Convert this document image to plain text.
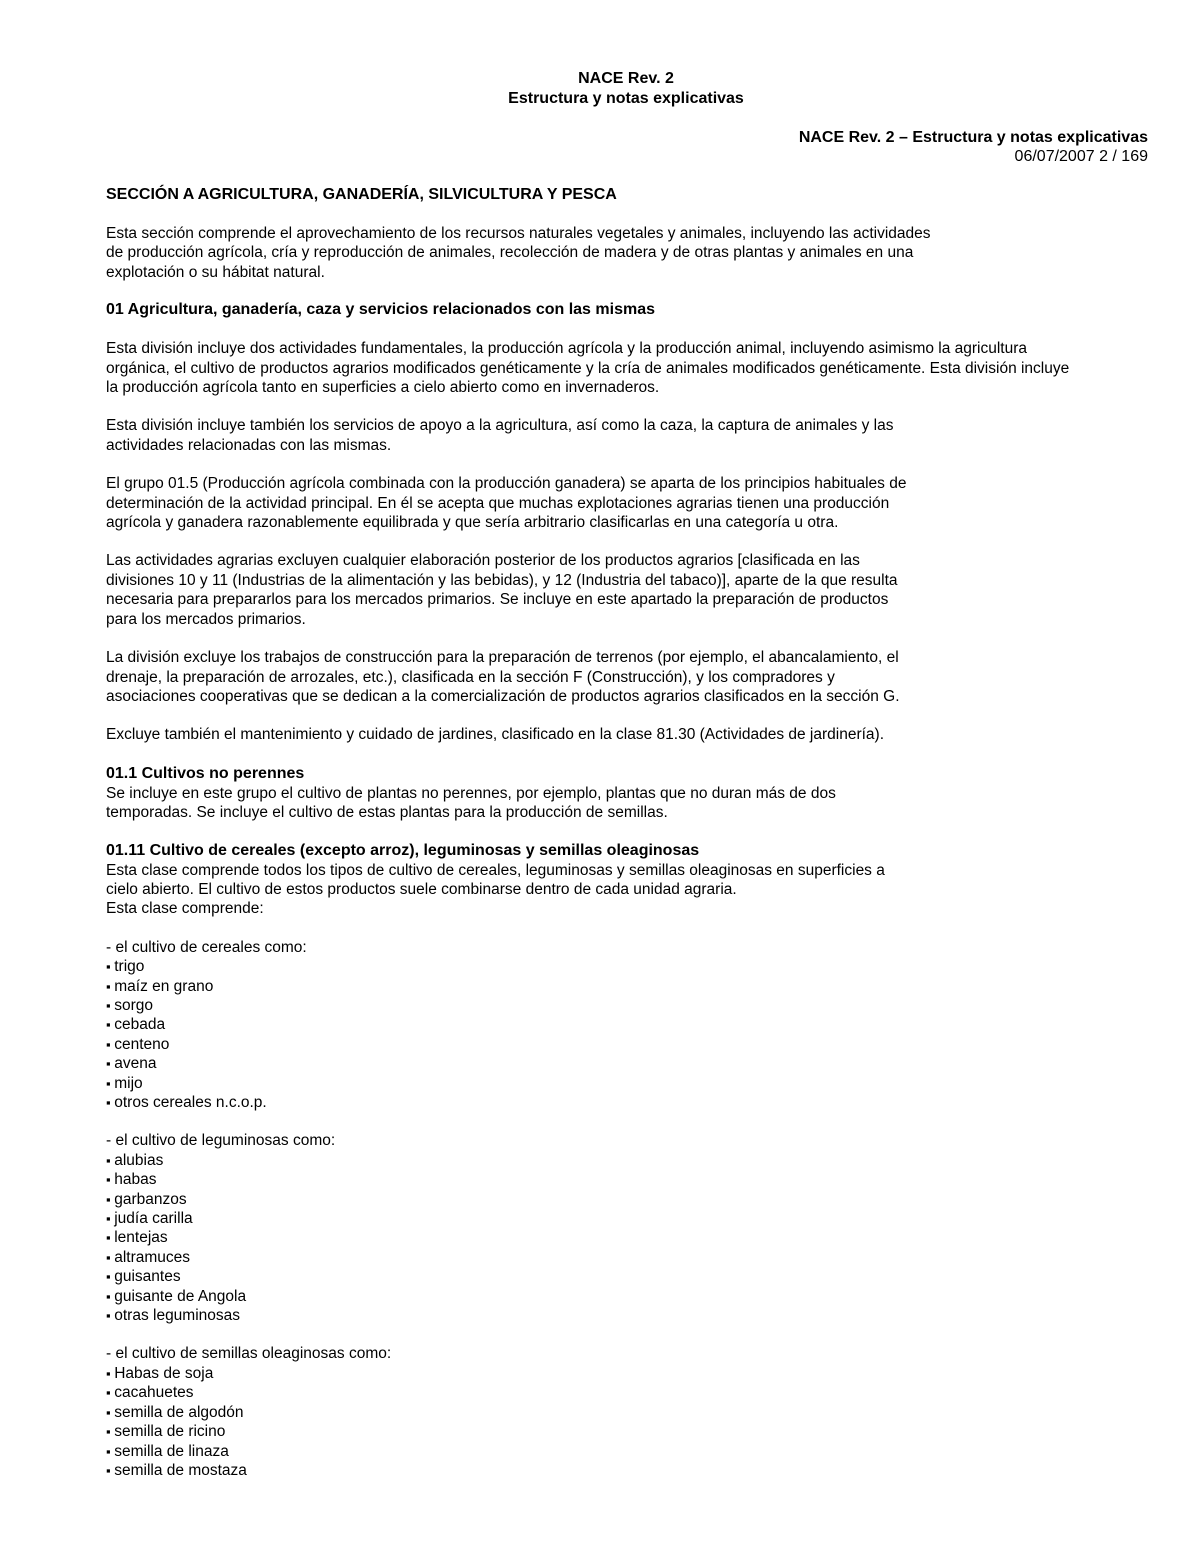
NACE Rev. 2
Estructura y notas explicativas
NACE Rev. 2 – Estructura y notas explicativas
06/07/2007 2 / 169
SECCIÓN A AGRICULTURA, GANADERÍA, SILVICULTURA Y PESCA
Esta sección comprende el aprovechamiento de los recursos naturales vegetales y animales, incluyendo las actividades
de producción agrícola, cría y reproducción de animales, recolección de madera y de otras plantas y animales en una
explotación o su hábitat natural.
01 Agricultura, ganadería, caza y servicios relacionados con las mismas
Esta división incluye dos actividades fundamentales, la producción agrícola y la producción animal, incluyendo asimismo la agricultura
orgánica, el cultivo de productos agrarios modificados genéticamente y la cría de animales modificados genéticamente. Esta división incluye
la producción agrícola tanto en superficies a cielo abierto como en invernaderos.
Esta división incluye también los servicios de apoyo a la agricultura, así como la caza, la captura de animales y las
actividades relacionadas con las mismas.
El grupo 01.5 (Producción agrícola combinada con la producción ganadera) se aparta de los principios habituales de
determinación de la actividad principal. En él se acepta que muchas explotaciones agrarias tienen una producción
agrícola y ganadera razonablemente equilibrada y que sería arbitrario clasificarlas en una categoría u otra.
Las actividades agrarias excluyen cualquier elaboración posterior de los productos agrarios [clasificada en las
divisiones 10 y 11 (Industrias de la alimentación y las bebidas), y 12 (Industria del tabaco)], aparte de la que resulta
necesaria para prepararlos para los mercados primarios. Se incluye en este apartado la preparación de productos
para los mercados primarios.
La división excluye los trabajos de construcción para la preparación de terrenos (por ejemplo, el abancalamiento, el
drenaje, la preparación de arrozales, etc.), clasificada en la sección F (Construcción), y los compradores y
asociaciones cooperativas que se dedican a la comercialización de productos agrarios clasificados en la sección G.
Excluye también el mantenimiento y cuidado de jardines, clasificado en la clase 81.30 (Actividades de jardinería).
01.1 Cultivos no perennes
Se incluye en este grupo el cultivo de plantas no perennes, por ejemplo, plantas que no duran más de dos
temporadas. Se incluye el cultivo de estas plantas para la producción de semillas.
01.11 Cultivo de cereales (excepto arroz), leguminosas y semillas oleaginosas
Esta clase comprende todos los tipos de cultivo de cereales, leguminosas y semillas oleaginosas en superficies a
cielo abierto. El cultivo de estos productos suele combinarse dentro de cada unidad agraria.
Esta clase comprende:
- el cultivo de cereales como:
▪ trigo
▪ maíz en grano
▪ sorgo
▪ cebada
▪ centeno
▪ avena
▪ mijo
▪ otros cereales n.c.o.p.
- el cultivo de leguminosas como:
▪ alubias
▪ habas
▪ garbanzos
▪ judía carilla
▪ lentejas
▪ altramuces
▪ guisantes
▪ guisante de Angola
▪ otras leguminosas
- el cultivo de semillas oleaginosas como:
▪ Habas de soja
▪ cacahuetes
▪ semilla de algodón
▪ semilla de ricino
▪ semilla de linaza
▪ semilla de mostaza
